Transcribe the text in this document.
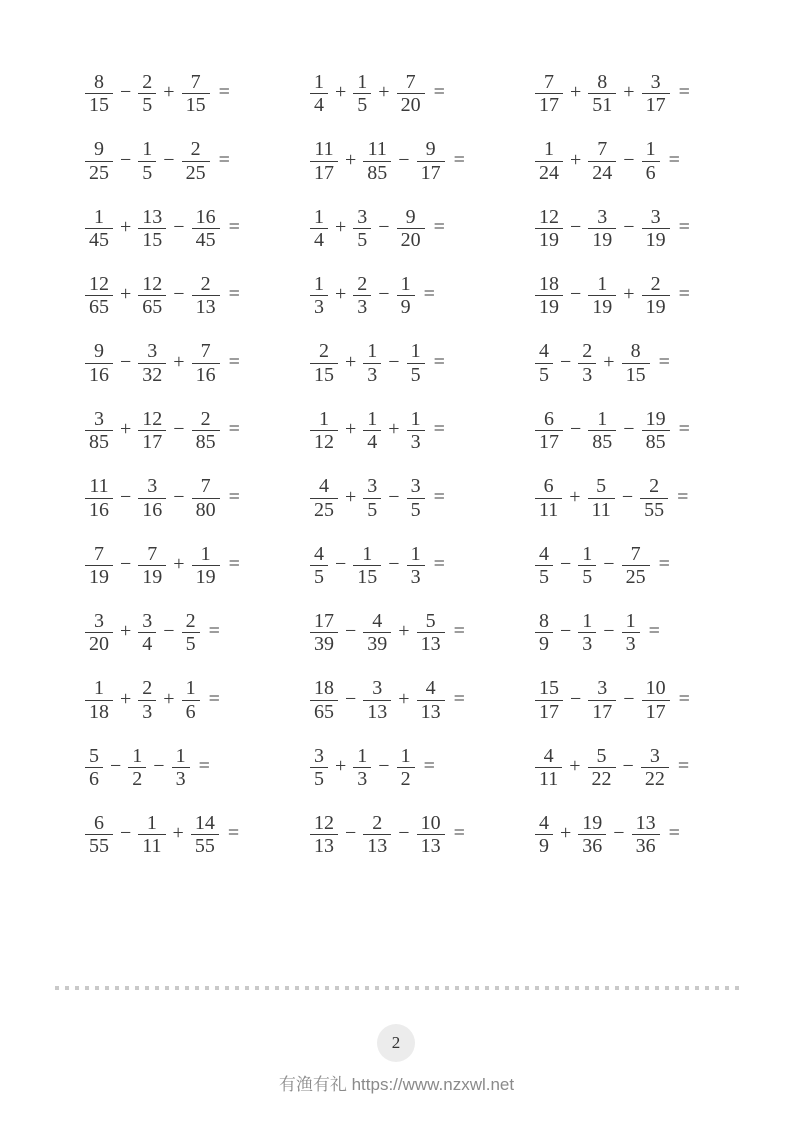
$\frac{8}{15} - \frac{2}{5} + \frac{7}{15}$ =	$\frac{1}{4} + \frac{1}{5} + \frac{7}{20}$ =	$\frac{7}{17} + \frac{8}{51} + \frac{3}{17}$ =
$\frac{9}{25} - \frac{1}{5} - \frac{2}{25}$ =	$\frac{11}{17} + \frac{11}{85} - \frac{9}{17}$ =	$\frac{1}{24} + \frac{7}{24} - \frac{1}{6}$ =
$\frac{1}{45} + \frac{13}{15} - \frac{16}{45}$ =	$\frac{1}{4} + \frac{3}{5} - \frac{9}{20}$ =	$\frac{12}{19} - \frac{3}{19} - \frac{3}{19}$ =
$\frac{12}{65} + \frac{12}{65} - \frac{2}{13}$ =	$\frac{1}{3} + \frac{2}{3} - \frac{1}{9}$ =	$\frac{18}{19} - \frac{1}{19} + \frac{2}{19}$ =
$\frac{9}{16} - \frac{3}{32} + \frac{7}{16}$ =	$\frac{2}{15} + \frac{1}{3} - \frac{1}{5}$ =	$\frac{4}{5} - \frac{2}{3} + \frac{8}{15}$ =
$\frac{3}{85} + \frac{12}{17} - \frac{2}{85}$ =	$\frac{1}{12} + \frac{1}{4} + \frac{1}{3}$ =	$\frac{6}{17} - \frac{1}{85} - \frac{19}{85}$ =
$\frac{11}{16} - \frac{3}{16} - \frac{7}{80}$ =	$\frac{4}{25} + \frac{3}{5} - \frac{3}{5}$ =	$\frac{6}{11} + \frac{5}{11} - \frac{2}{55}$ =
$\frac{7}{19} - \frac{7}{19} + \frac{1}{19}$ =	$\frac{4}{5} - \frac{1}{15} - \frac{1}{3}$ =	$\frac{4}{5} - \frac{1}{5} - \frac{7}{25}$ =
$\frac{3}{20} + \frac{3}{4} - \frac{2}{5}$ =	$\frac{17}{39} - \frac{4}{39} + \frac{5}{13}$ =	$\frac{8}{9} - \frac{1}{3} - \frac{1}{3}$ =
$\frac{1}{18} + \frac{2}{3} + \frac{1}{6}$ =	$\frac{18}{65} - \frac{3}{13} + \frac{4}{13}$ =	$\frac{15}{17} - \frac{3}{17} - \frac{10}{17}$ =
$\frac{5}{6} - \frac{1}{2} - \frac{1}{3}$ =	$\frac{3}{5} + \frac{1}{3} - \frac{1}{2}$ =	$\frac{4}{11} + \frac{5}{22} - \frac{3}{22}$ =
$\frac{6}{55} - \frac{1}{11} + \frac{14}{55}$ =	$\frac{12}{13} - \frac{2}{13} - \frac{10}{13}$ =	$\frac{4}{9} + \frac{19}{36} - \frac{13}{36}$ =
2
有渔有礼 https://www.nzxwl.net
